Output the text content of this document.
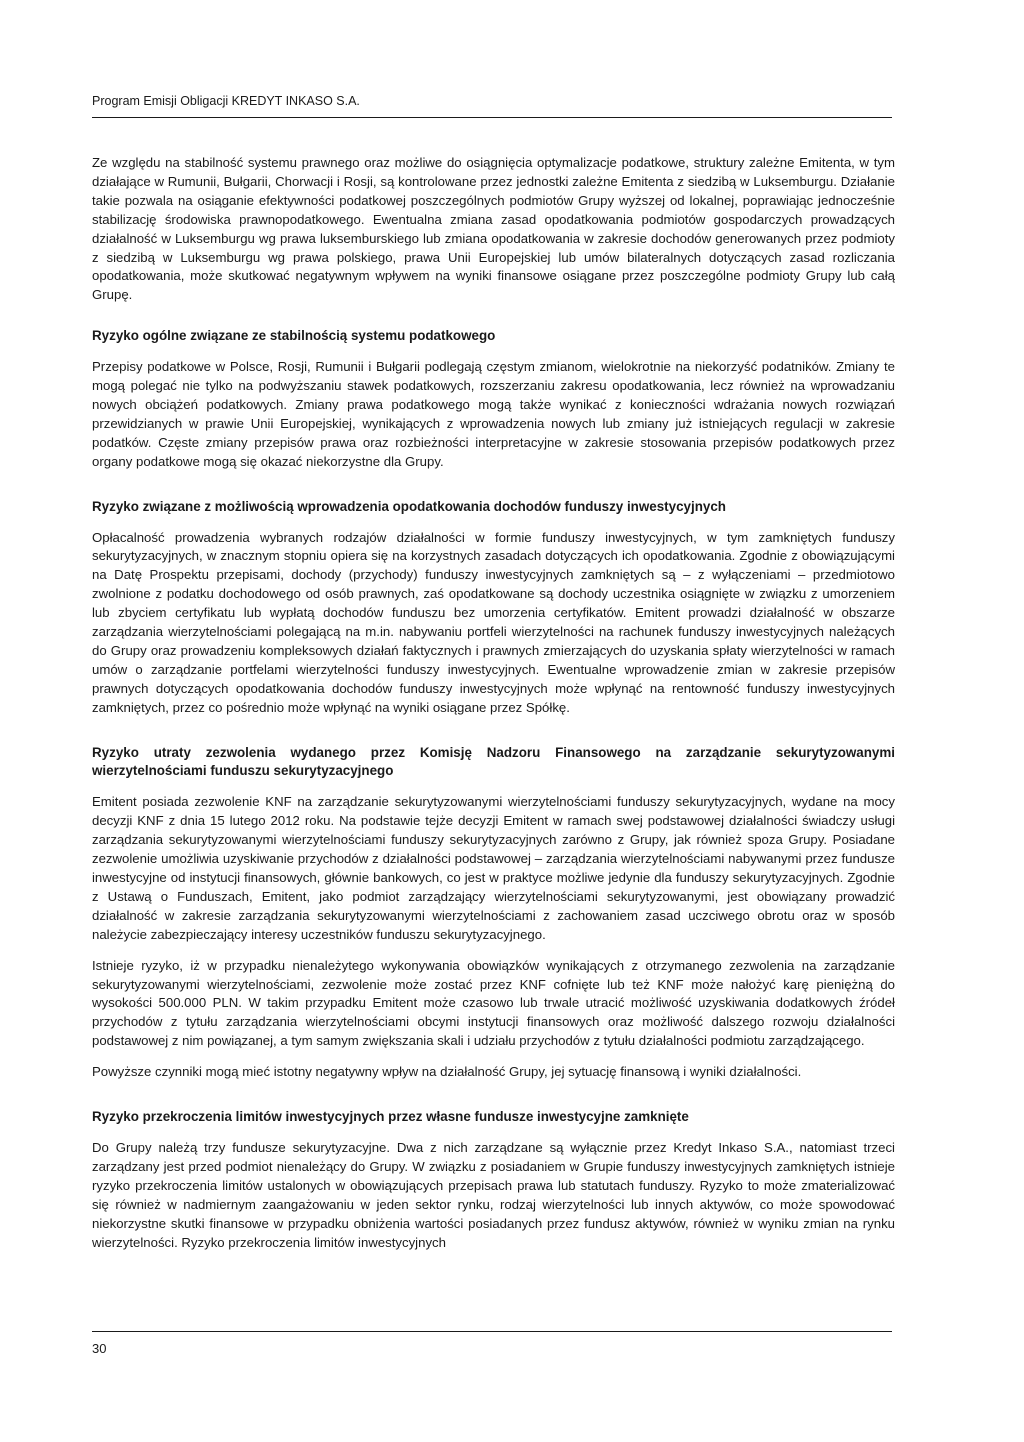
Program Emisji Obligacji KREDYT INKASO S.A.

Ze względu na stabilność systemu prawnego oraz możliwe do osiągnięcia optymalizacje podatkowe, struktury zależne Emitenta, w tym działające w Rumunii, Bułgarii, Chorwacji i Rosji, są kontrolowane przez jednostki zależne Emitenta z siedzibą w Luksemburgu. Działanie takie pozwala na osiąganie efektywności podatkowej poszczególnych podmiotów Grupy wyższej od lokalnej, poprawiając jednocześnie stabilizację środowiska prawnopodatkowego. Ewentualna zmiana zasad opodatkowania podmiotów gospodarczych prowadzących działalność w Luksemburgu wg prawa luksemburskiego lub zmiana opodatkowania w zakresie dochodów generowanych przez podmioty z siedzibą w Luksemburgu wg prawa polskiego, prawa Unii Europejskiej lub umów bilateralnych dotyczących zasad rozliczania opodatkowania, może skutkować negatywnym wpływem na wyniki finansowe osiągane przez poszczególne podmioty Grupy lub całą Grupę.

Ryzyko ogólne związane ze stabilnością systemu podatkowego

Przepisy podatkowe w Polsce, Rosji, Rumunii i Bułgarii podlegają częstym zmianom, wielokrotnie na niekorzyść podatników. Zmiany te mogą polegać nie tylko na podwyższaniu stawek podatkowych, rozszerzaniu zakresu opodatkowania, lecz również na wprowadzaniu nowych obciążeń podatkowych. Zmiany prawa podatkowego mogą także wynikać z konieczności wdrażania nowych rozwiązań przewidzianych w prawie Unii Europejskiej, wynikających z wprowadzenia nowych lub zmiany już istniejących regulacji w zakresie podatków. Częste zmiany przepisów prawa oraz rozbieżności interpretacyjne w zakresie stosowania przepisów podatkowych przez organy podatkowe mogą się okazać niekorzystne dla Grupy.

Ryzyko związane z możliwością wprowadzenia opodatkowania dochodów funduszy inwestycyjnych

Opłacalność prowadzenia wybranych rodzajów działalności w formie funduszy inwestycyjnych, w tym zamkniętych funduszy sekurytyzacyjnych, w znacznym stopniu opiera się na korzystnych zasadach dotyczących ich opodatkowania. Zgodnie z obowiązującymi na Datę Prospektu przepisami, dochody (przychody) funduszy inwestycyjnych zamkniętych są – z wyłączeniami – przedmiotowo zwolnione z podatku dochodowego od osób prawnych, zaś opodatkowane są dochody uczestnika osiągnięte w związku z umorzeniem lub zbyciem certyfikatu lub wypłatą dochodów funduszu bez umorzenia certyfikatów. Emitent prowadzi działalność w obszarze zarządzania wierzytelnościami polegającą na m.in. nabywaniu portfeli wierzytelności na rachunek funduszy inwestycyjnych należących do Grupy oraz prowadzeniu kompleksowych działań faktycznych i prawnych zmierzających do uzyskania spłaty wierzytelności w ramach umów o zarządzanie portfelami wierzytelności funduszy inwestycyjnych. Ewentualne wprowadzenie zmian w zakresie przepisów prawnych dotyczących opodatkowania dochodów funduszy inwestycyjnych może wpłynąć na rentowność funduszy inwestycyjnych zamkniętych, przez co pośrednio może wpłynąć na wyniki osiągane przez Spółkę.

Ryzyko utraty zezwolenia wydanego przez Komisję Nadzoru Finansowego na zarządzanie sekurytyzowanymi wierzytelnościami funduszu sekurytyzacyjnego

Emitent posiada zezwolenie KNF na zarządzanie sekurytyzowanymi wierzytelnościami funduszy sekurytyzacyjnych, wydane na mocy decyzji KNF z dnia 15 lutego 2012 roku. Na podstawie tejże decyzji Emitent w ramach swej podstawowej działalności świadczy usługi zarządzania sekurytyzowanymi wierzytelnościami funduszy sekurytyzacyjnych zarówno z Grupy, jak również spoza Grupy. Posiadane zezwolenie umożliwia uzyskiwanie przychodów z działalności podstawowej – zarządzania wierzytelnościami nabywanymi przez fundusze inwestycyjne od instytucji finansowych, głównie bankowych, co jest w praktyce możliwe jedynie dla funduszy sekurytyzacyjnych. Zgodnie z Ustawą o Funduszach, Emitent, jako podmiot zarządzający wierzytelnościami sekurytyzowanymi, jest obowiązany prowadzić działalność w zakresie zarządzania sekurytyzowanymi wierzytelnościami z zachowaniem zasad uczciwego obrotu oraz w sposób należycie zabezpieczający interesy uczestników funduszu sekurytyzacyjnego.

Istnieje ryzyko, iż w przypadku nienależytego wykonywania obowiązków wynikających z otrzymanego zezwolenia na zarządzanie sekurytyzowanymi wierzytelnościami, zezwolenie może zostać przez KNF cofnięte lub też KNF może nałożyć karę pieniężną do wysokości 500.000 PLN. W takim przypadku Emitent może czasowo lub trwale utracić możliwość uzyskiwania dodatkowych źródeł przychodów z tytułu zarządzania wierzytelnościami obcymi instytucji finansowych oraz możliwość dalszego rozwoju działalności podstawowej z nim powiązanej, a tym samym zwiększania skali i udziału przychodów z tytułu działalności podmiotu zarządzającego.

Powyższe czynniki mogą mieć istotny negatywny wpływ na działalność Grupy, jej sytuację finansową i wyniki działalności.

Ryzyko przekroczenia limitów inwestycyjnych przez własne fundusze inwestycyjne zamknięte

Do Grupy należą trzy fundusze sekurytyzacyjne. Dwa z nich zarządzane są wyłącznie przez Kredyt Inkaso S.A., natomiast trzeci zarządzany jest przed podmiot nienależący do Grupy. W związku z posiadaniem w Grupie funduszy inwestycyjnych zamkniętych istnieje ryzyko przekroczenia limitów ustalonych w obowiązujących przepisach prawa lub statutach funduszy. Ryzyko to może zmaterializować się również w nadmiernym zaangażowaniu w jeden sektor rynku, rodzaj wierzytelności lub innych aktywów, co może spowodować niekorzystne skutki finansowe w przypadku obniżenia wartości posiadanych przez fundusz aktywów, również w wyniku zmian na rynku wierzytelności. Ryzyko przekroczenia limitów inwestycyjnych

30
